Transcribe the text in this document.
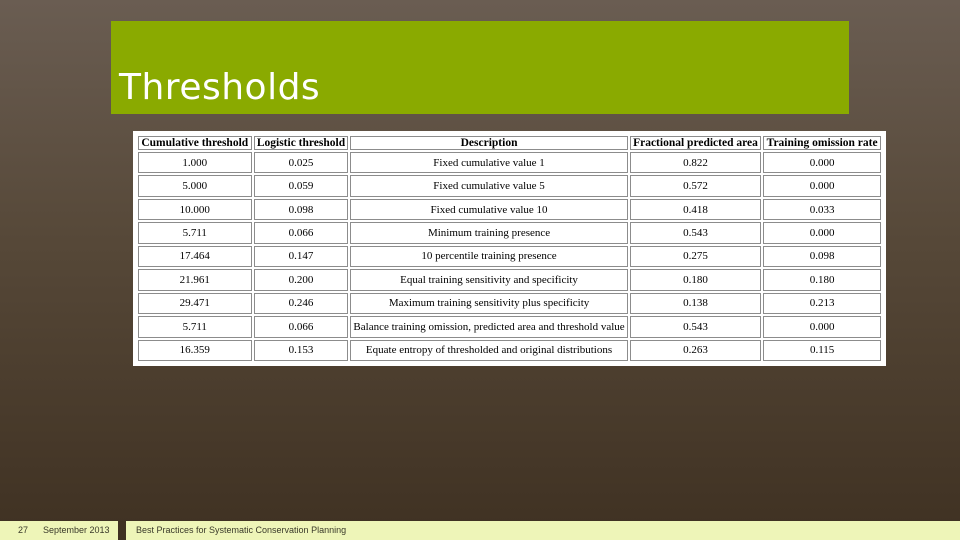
Thresholds
Cumulative threshold	Logistic threshold	Description	Fractional predicted area	Training omission rate
1.000	0.025	Fixed cumulative value 1	0.822	0.000
5.000	0.059	Fixed cumulative value 5	0.572	0.000
10.000	0.098	Fixed cumulative value 10	0.418	0.033
5.711	0.066	Minimum training presence	0.543	0.000
17.464	0.147	10 percentile training presence	0.275	0.098
21.961	0.200	Equal training sensitivity and specificity	0.180	0.180
29.471	0.246	Maximum training sensitivity plus specificity	0.138	0.213
5.711	0.066	Balance training omission, predicted area and threshold value	0.543	0.000
16.359	0.153	Equate entropy of thresholded and original distributions	0.263	0.115
27 September 2013	Best Practices for Systematic Conservation Planning
